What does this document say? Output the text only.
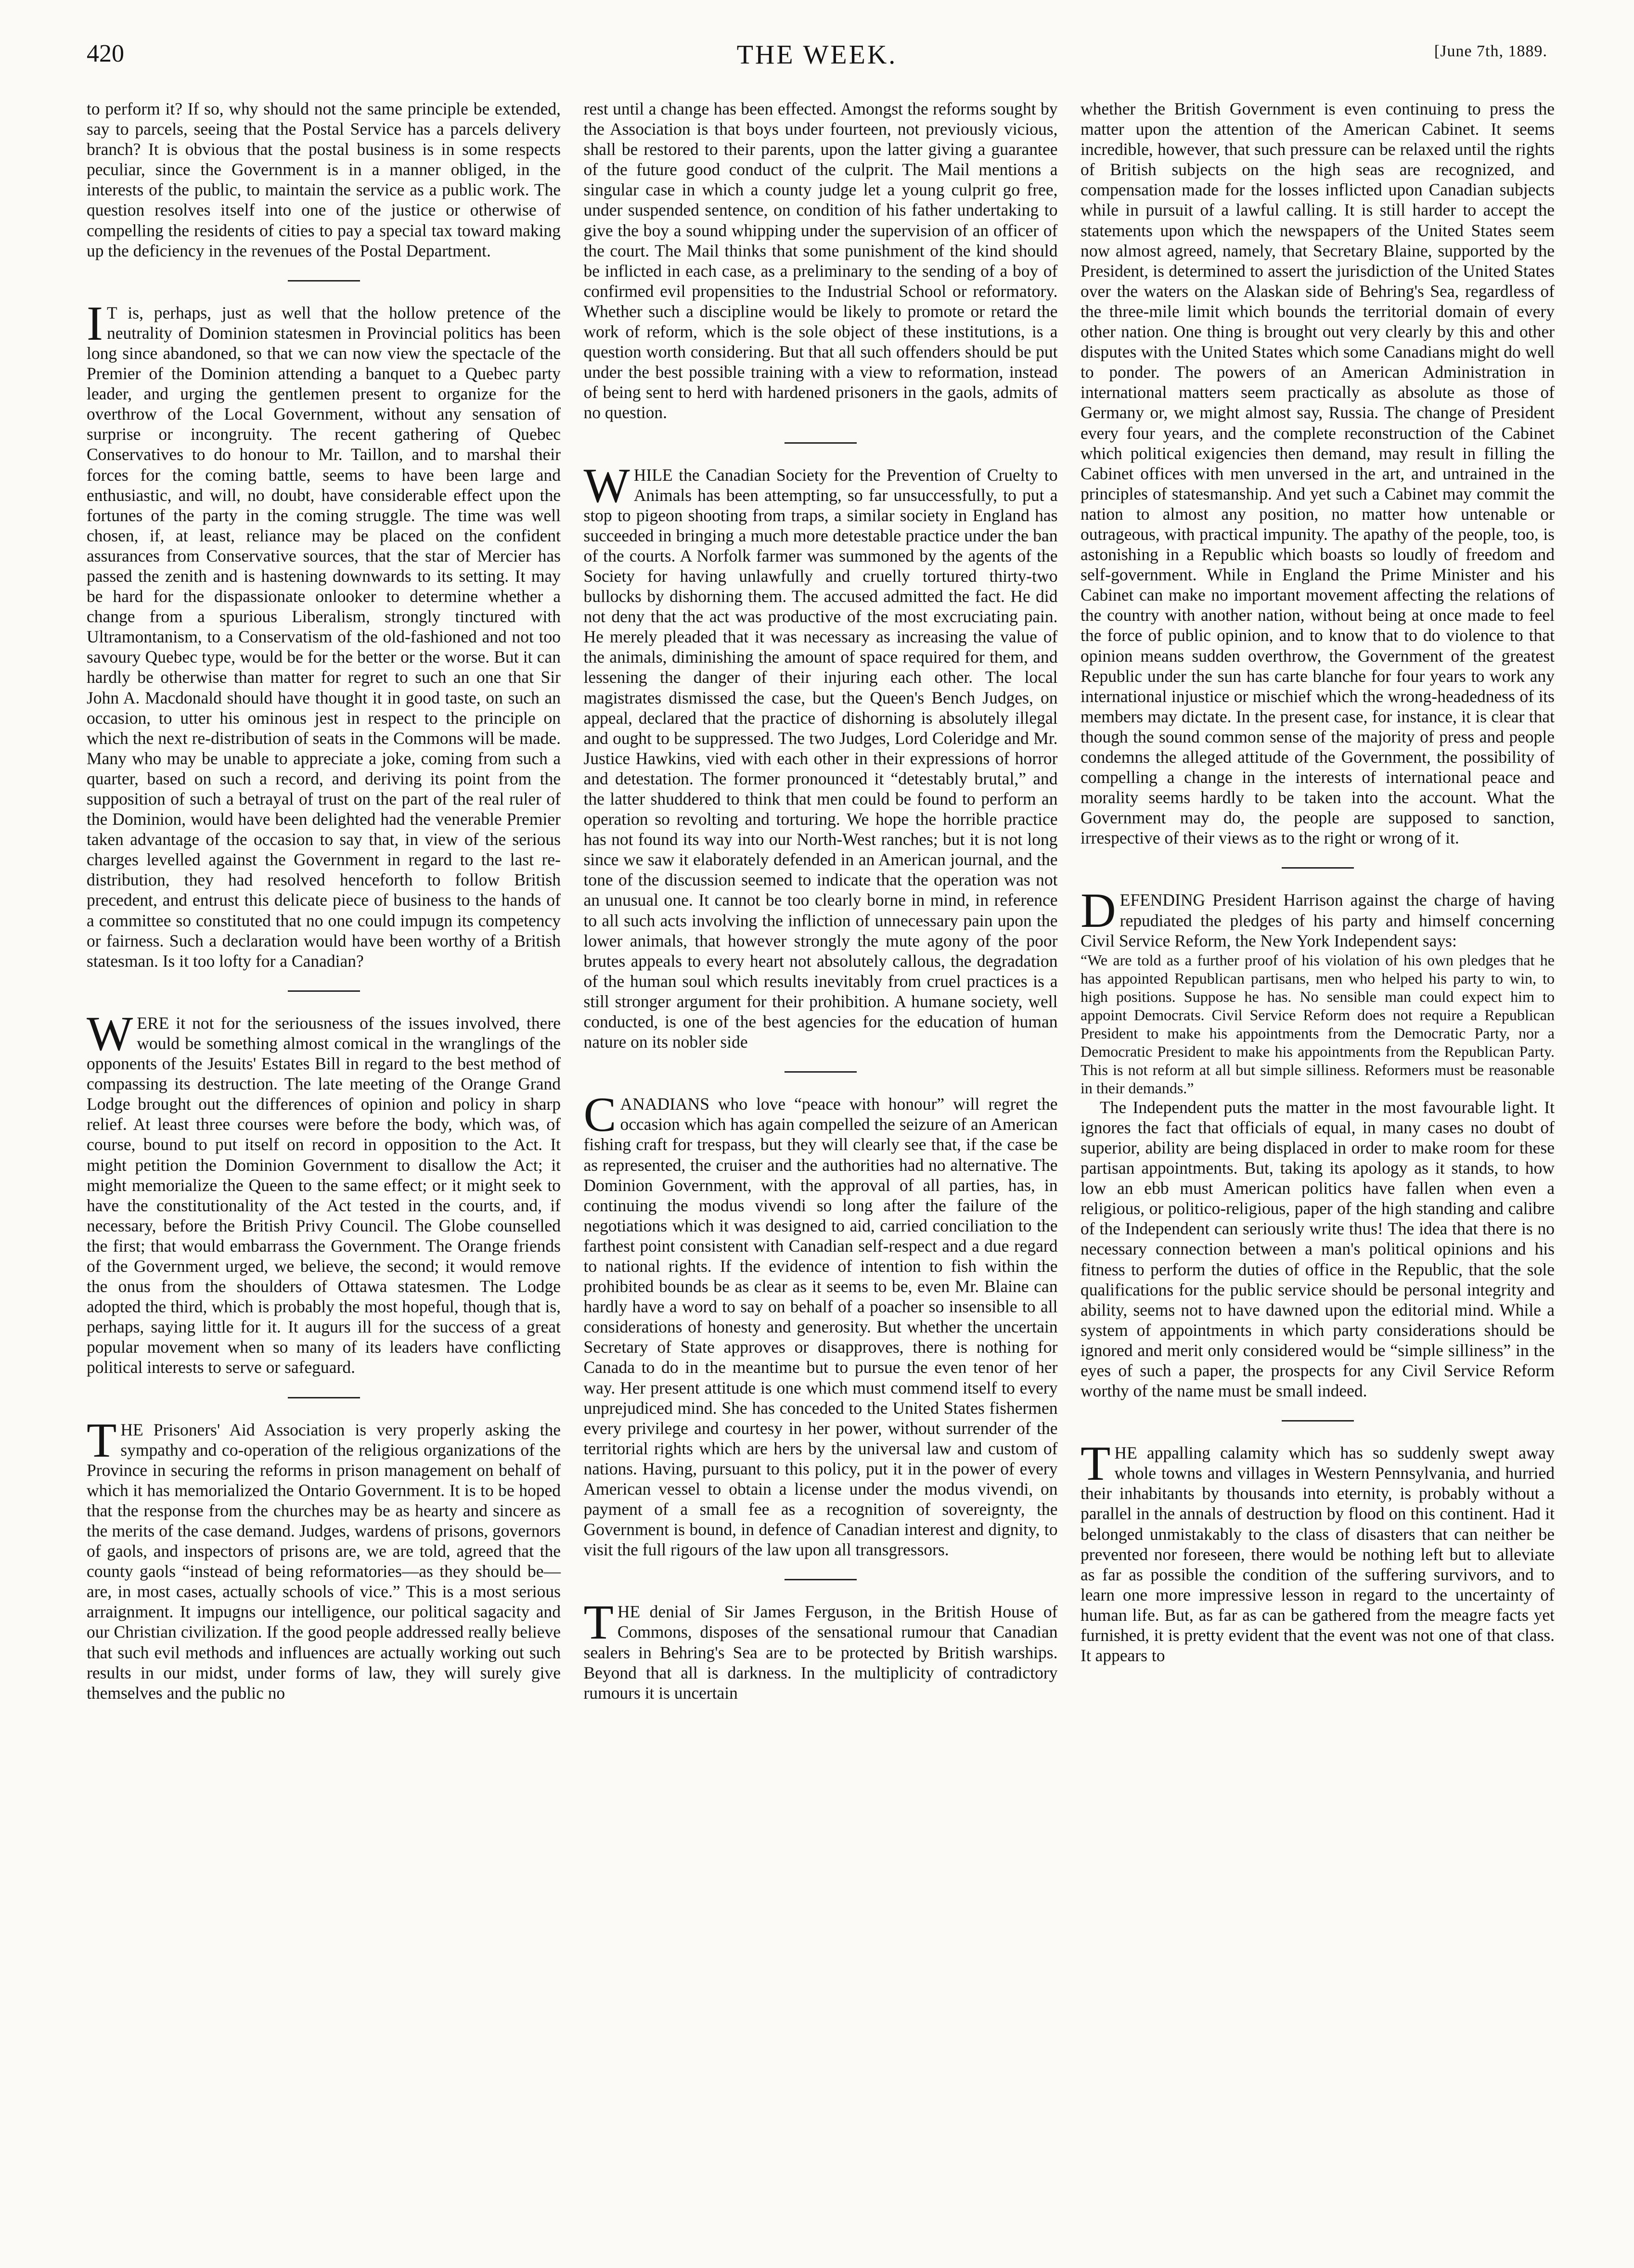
420	THE WEEK.	[June 7th, 1889.

to perform it? If so, why should not the same principle be extended, say to parcels, seeing that the Postal Service has a parcels delivery branch? It is obvious that the postal business is in some respects peculiar, since the Government is in a manner obliged, in the interests of the public, to maintain the service as a public work. The question resolves itself into one of the justice or otherwise of compelling the residents of cities to pay a special tax toward making up the deficiency in the revenues of the Postal Department.

I T is, perhaps, just as well that the hollow pretence of the neutrality of Dominion statesmen in Provincial politics has been long since abandoned, so that we can now view the spectacle of the Premier of the Dominion attending a banquet to a Quebec party leader, and urging the gentlemen present to organize for the overthrow of the Local Government, without any sensation of surprise or incongruity. The recent gathering of Quebec Conservatives to do honour to Mr. Taillon, and to marshal their forces for the coming battle, seems to have been large and enthusiastic, and will, no doubt, have considerable effect upon the fortunes of the party in the coming struggle. The time was well chosen, if, at least, reliance may be placed on the confident assurances from Conservative sources, that the star of Mercier has passed the zenith and is hastening downwards to its setting. It may be hard for the dispassionate onlooker to determine whether a change from a spurious Liberalism, strongly tinctured with Ultramontanism, to a Conservatism of the old-fashioned and not too savoury Quebec type, would be for the better or the worse. But it can hardly be otherwise than matter for regret to such an one that Sir John A. Macdonald should have thought it in good taste, on such an occasion, to utter his ominous jest in respect to the principle on which the next re-distribution of seats in the Commons will be made. Many who may be unable to appreciate a joke, coming from such a quarter, based on such a record, and deriving its point from the supposition of such a betrayal of trust on the part of the real ruler of the Dominion, would have been delighted had the venerable Premier taken advantage of the occasion to say that, in view of the serious charges levelled against the Government in regard to the last re-distribution, they had resolved henceforth to follow British precedent, and entrust this delicate piece of business to the hands of a committee so constituted that no one could impugn its competency or fairness. Such a declaration would have been worthy of a British statesman. Is it too lofty for a Canadian?

WERE it not for the seriousness of the issues involved, there would be something almost comical in the wranglings of the opponents of the Jesuits' Estates Bill in regard to the best method of compassing its destruction. The late meeting of the Orange Grand Lodge brought out the differences of opinion and policy in sharp relief. At least three courses were before the body, which was, of course, bound to put itself on record in opposition to the Act. It might petition the Dominion Government to disallow the Act; it might memorialize the Queen to the same effect; or it might seek to have the constitutionality of the Act tested in the courts, and, if necessary, before the British Privy Council. The Globe counselled the first; that would embarrass the Government. The Orange friends of the Government urged, we believe, the second; it would remove the onus from the shoulders of Ottawa statesmen. The Lodge adopted the third, which is probably the most hopeful, though that is, perhaps, saying little for it. It augurs ill for the success of a great popular movement when so many of its leaders have conflicting political interests to serve or safeguard.

THE Prisoners' Aid Association is very properly asking the sympathy and co-operation of the religious organizations of the Province in securing the reforms in prison management on behalf of which it has memorialized the Ontario Government. It is to be hoped that the response from the churches may be as hearty and sincere as the merits of the case demand. Judges, wardens of prisons, governors of gaols, and inspectors of prisons are, we are told, agreed that the county gaols “instead of being reformatories—as they should be—are, in most cases, actually schools of vice.” This is a most serious arraignment. It impugns our intelligence, our political sagacity and our Christian civilization. If the good people addressed really believe that such evil methods and influences are actually working out such results in our midst, under forms of law, they will surely give themselves and the public no

rest until a change has been effected. Amongst the reforms sought by the Association is that boys under fourteen, not previously vicious, shall be restored to their parents, upon the latter giving a guarantee of the future good conduct of the culprit. The Mail mentions a singular case in which a county judge let a young culprit go free, under suspended sentence, on condition of his father undertaking to give the boy a sound whipping under the supervision of an officer of the court. The Mail thinks that some punishment of the kind should be inflicted in each case, as a preliminary to the sending of a boy of confirmed evil propensities to the Industrial School or reformatory. Whether such a discipline would be likely to promote or retard the work of reform, which is the sole object of these institutions, is a question worth considering. But that all such offenders should be put under the best possible training with a view to reformation, instead of being sent to herd with hardened prisoners in the gaols, admits of no question.

WHILE the Canadian Society for the Prevention of Cruelty to Animals has been attempting, so far unsuccessfully, to put a stop to pigeon shooting from traps, a similar society in England has succeeded in bringing a much more detestable practice under the ban of the courts. A Norfolk farmer was summoned by the agents of the Society for having unlawfully and cruelly tortured thirty-two bullocks by dishorning them. The accused admitted the fact. He did not deny that the act was productive of the most excruciating pain. He merely pleaded that it was necessary as increasing the value of the animals, diminishing the amount of space required for them, and lessening the danger of their injuring each other. The local magistrates dismissed the case, but the Queen's Bench Judges, on appeal, declared that the practice of dishorning is absolutely illegal and ought to be suppressed. The two Judges, Lord Coleridge and Mr. Justice Hawkins, vied with each other in their expressions of horror and detestation. The former pronounced it “detestably brutal,” and the latter shuddered to think that men could be found to perform an operation so revolting and torturing. We hope the horrible practice has not found its way into our North-West ranches; but it is not long since we saw it elaborately defended in an American journal, and the tone of the discussion seemed to indicate that the operation was not an unusual one. It cannot be too clearly borne in mind, in reference to all such acts involving the infliction of unnecessary pain upon the lower animals, that however strongly the mute agony of the poor brutes appeals to every heart not absolutely callous, the degradation of the human soul which results inevitably from cruel practices is a still stronger argument for their prohibition. A humane society, well conducted, is one of the best agencies for the education of human nature on its nobler side

CANADIANS who love “peace with honour” will regret the occasion which has again compelled the seizure of an American fishing craft for trespass, but they will clearly see that, if the case be as represented, the cruiser and the authorities had no alternative. The Dominion Government, with the approval of all parties, has, in continuing the modus vivendi so long after the failure of the negotiations which it was designed to aid, carried conciliation to the farthest point consistent with Canadian self-respect and a due regard to national rights. If the evidence of intention to fish within the prohibited bounds be as clear as it seems to be, even Mr. Blaine can hardly have a word to say on behalf of a poacher so insensible to all considerations of honesty and generosity. But whether the uncertain Secretary of State approves or disapproves, there is nothing for Canada to do in the meantime but to pursue the even tenor of her way. Her present attitude is one which must commend itself to every unprejudiced mind. She has conceded to the United States fishermen every privilege and courtesy in her power, without surrender of the territorial rights which are hers by the universal law and custom of nations. Having, pursuant to this policy, put it in the power of every American vessel to obtain a license under the modus vivendi, on payment of a small fee as a recognition of sovereignty, the Government is bound, in defence of Canadian interest and dignity, to visit the full rigours of the law upon all transgressors.

THE denial of Sir James Ferguson, in the British House of Commons, disposes of the sensational rumour that Canadian sealers in Behring's Sea are to be protected by British warships. Beyond that all is darkness. In the multiplicity of contradictory rumours it is uncertain

whether the British Government is even continuing to press the matter upon the attention of the American Cabinet. It seems incredible, however, that such pressure can be relaxed until the rights of British subjects on the high seas are recognized, and compensation made for the losses inflicted upon Canadian subjects while in pursuit of a lawful calling. It is still harder to accept the statements upon which the newspapers of the United States seem now almost agreed, namely, that Secretary Blaine, supported by the President, is determined to assert the jurisdiction of the United States over the waters on the Alaskan side of Behring's Sea, regardless of the three-mile limit which bounds the territorial domain of every other nation. One thing is brought out very clearly by this and other disputes with the United States which some Canadians might do well to ponder. The powers of an American Administration in international matters seem practically as absolute as those of Germany or, we might almost say, Russia. The change of President every four years, and the complete reconstruction of the Cabinet which political exigencies then demand, may result in filling the Cabinet offices with men unversed in the art, and untrained in the principles of statesmanship. And yet such a Cabinet may commit the nation to almost any position, no matter how untenable or outrageous, with practical impunity. The apathy of the people, too, is astonishing in a Republic which boasts so loudly of freedom and self-government. While in England the Prime Minister and his Cabinet can make no important movement affecting the relations of the country with another nation, without being at once made to feel the force of public opinion, and to know that to do violence to that opinion means sudden overthrow, the Government of the greatest Republic under the sun has carte blanche for four years to work any international injustice or mischief which the wrong-headedness of its members may dictate. In the present case, for instance, it is clear that though the sound common sense of the majority of press and people condemns the alleged attitude of the Government, the possibility of compelling a change in the interests of international peace and morality seems hardly to be taken into the account. What the Government may do, the people are supposed to sanction, irrespective of their views as to the right or wrong of it.

DEFENDING President Harrison against the charge of having repudiated the pledges of his party and himself concerning Civil Service Reform, the New York Independent says:

“We are told as a further proof of his violation of his own pledges that he has appointed Republican partisans, men who helped his party to win, to high positions. Suppose he has. No sensible man could expect him to appoint Democrats. Civil Service Reform does not require a Republican President to make his appointments from the Democratic Party, nor a Democratic President to make his appointments from the Republican Party. This is not reform at all but simple silliness. Reformers must be reasonable in their demands.”

The Independent puts the matter in the most favourable light. It ignores the fact that officials of equal, in many cases no doubt of superior, ability are being displaced in order to make room for these partisan appointments. But, taking its apology as it stands, to how low an ebb must American politics have fallen when even a religious, or politico-religious, paper of the high standing and calibre of the Independent can seriously write thus! The idea that there is no necessary connection between a man's political opinions and his fitness to perform the duties of office in the Republic, that the sole qualifications for the public service should be personal integrity and ability, seems not to have dawned upon the editorial mind. While a system of appointments in which party considerations should be ignored and merit only considered would be “simple silliness” in the eyes of such a paper, the prospects for any Civil Service Reform worthy of the name must be small indeed.

THE appalling calamity which has so suddenly swept away whole towns and villages in Western Pennsylvania, and hurried their inhabitants by thousands into eternity, is probably without a parallel in the annals of destruction by flood on this continent. Had it belonged unmistakably to the class of disasters that can neither be prevented nor foreseen, there would be nothing left but to alleviate as far as possible the condition of the suffering survivors, and to learn one more impressive lesson in regard to the uncertainty of human life. But, as far as can be gathered from the meagre facts yet furnished, it is pretty evident that the event was not one of that class. It appears to
